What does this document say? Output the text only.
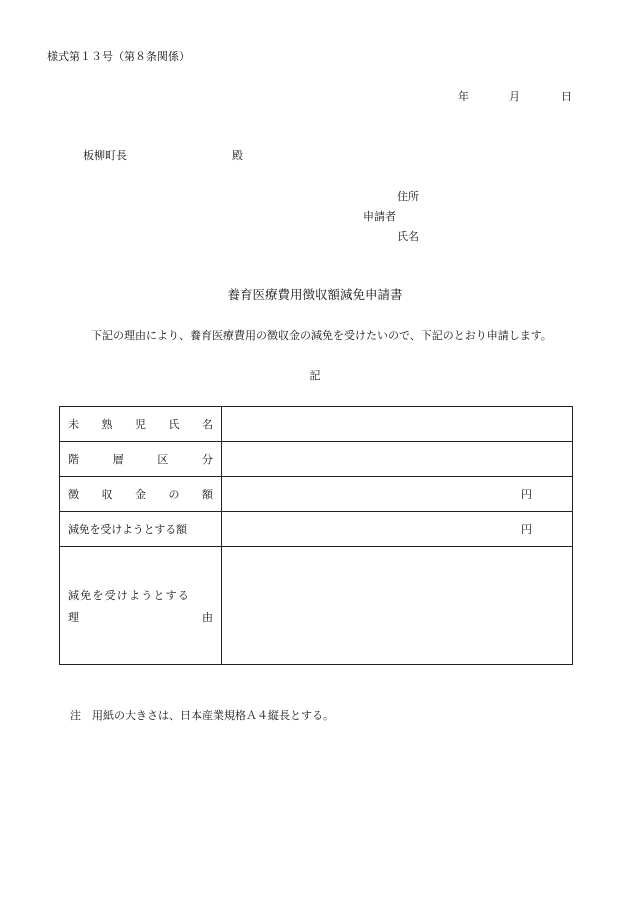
様式第１３号（第８条関係）
年	月	日
板柳町長	殿
住所
申請者
氏名
養育医療費用徴収額減免申請書
下記の理由により、養育医療費用の徴収金の減免を受けたいので、下記のとおり申請します。
記
未 熟 児 氏 名	

階 層 区 分	

徴 収 金 の 額	円
減免を受けようとする額	円

減免を受けようとする
理 由	

注　用紙の大きさは、日本産業規格Ａ４縦長とする。
